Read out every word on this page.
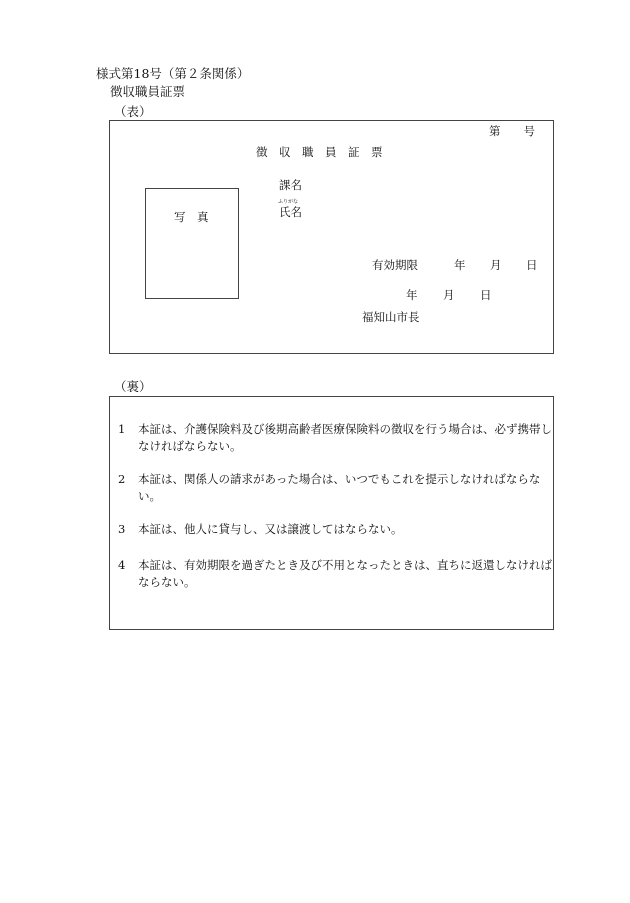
様式第18号（第２条関係）
徴収職員証票
（表）
第　　号
徴　収　職　員　証　票
写　真
課名
ふりがな
氏名
有効期限	年 月 日
年 月 日
福知山市長
（裏）
1 本証は、介護保険料及び後期高齢者医療保険料の徴収を行う場合は、必ず携帯しなければならない。
2 本証は、関係人の請求があった場合は、いつでもこれを提示しなければならない。
3 本証は、他人に貸与し、又は譲渡してはならない。
4 本証は、有効期限を過ぎたとき及び不用となったときは、直ちに返還しなければならない。
